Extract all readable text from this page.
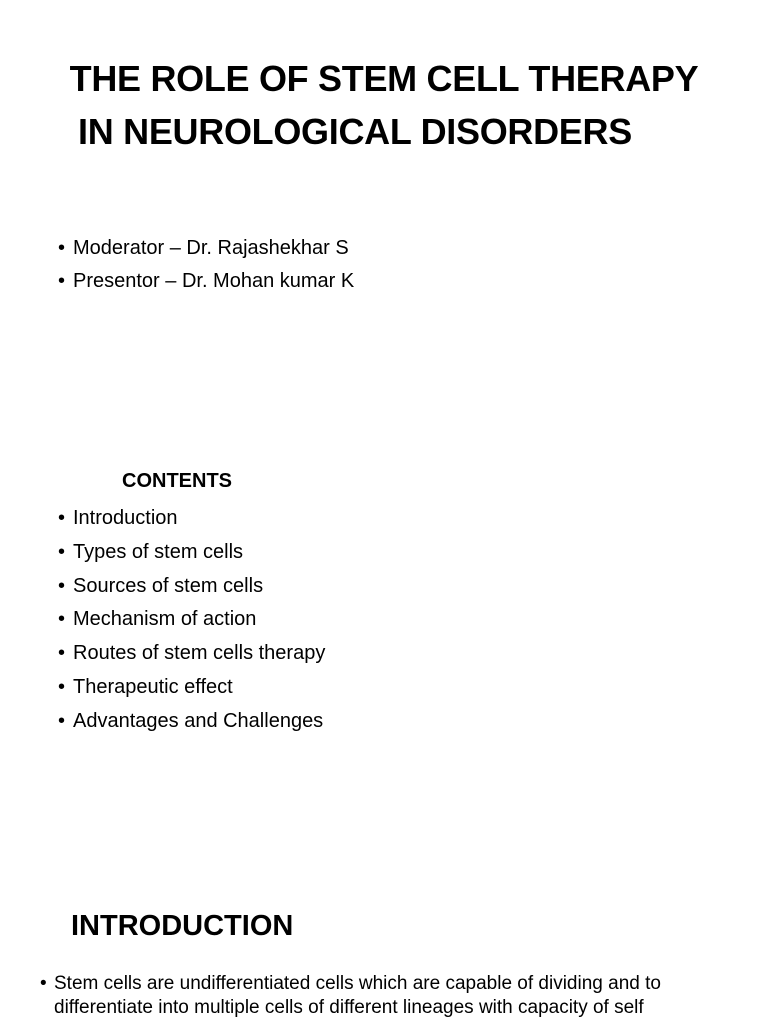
THE ROLE OF STEM CELL THERAPY
IN NEUROLOGICAL DISORDERS
• Moderator – Dr. Rajashekhar S
• Presentor – Dr. Mohan kumar K
CONTENTS
• Introduction
• Types of stem cells
• Sources of stem cells
• Mechanism of action
• Routes of stem cells therapy
• Therapeutic effect
• Advantages and Challenges
INTRODUCTION

• Stem cells are undifferentiated cells which are capable of dividing and to
differentiate into multiple cells of different lineages with capacity of self
